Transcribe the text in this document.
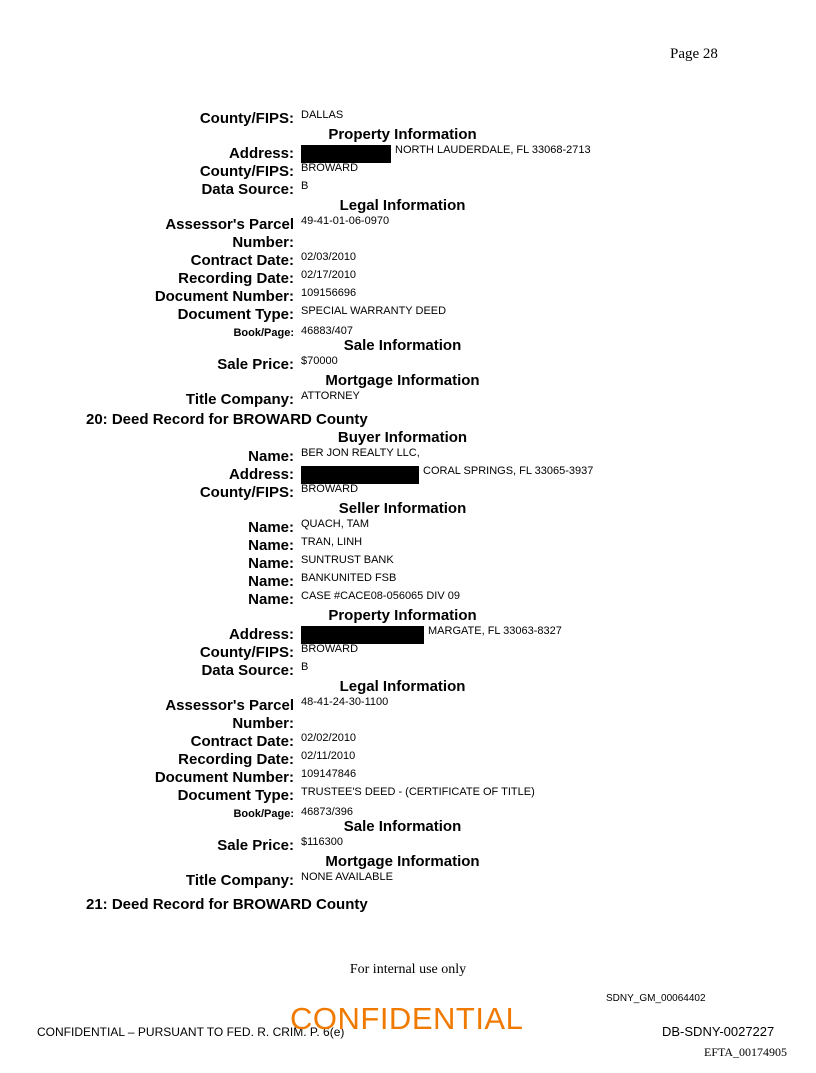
Page 28
County/FIPS: DALLAS
Property Information
Address:	NORTH LAUDERDALE, FL 33068-2713
County/FIPS: BROWARD
Data Source: B
Legal Information
Assessor's Parcel 49-41-01-06-0970
Number:
Contract Date: 02/03/2010
Recording Date: 02/17/2010
Document Number: 109156696
Document Type: SPECIAL WARRANTY DEED
Book/Page: 46883/407
Sale Information
Sale Price: $70000
Mortgage Information
Title Company: ATTORNEY
20: Deed Record for BROWARD County
Buyer Information
Name: BER JON REALTY LLC,
Address:	CORAL SPRINGS, FL 33065-3937
County/FIPS: BROWARD
Seller Information
Name: QUACH, TAM
Name: TRAN, LINH
Name: SUNTRUST BANK
Name: BANKUNITED FSB
Name: CASE #CACE08-056065 DIV 09
Property Information
Address:	MARGATE, FL 33063-8327
County/FIPS: BROWARD
Data Source: B
Legal Information
Assessor's Parcel 48-41-24-30-1100
Number:
Contract Date: 02/02/2010
Recording Date: 02/11/2010
Document Number: 109147846
Document Type: TRUSTEE'S DEED - (CERTIFICATE OF TITLE)
Book/Page: 46873/396
Sale Information
Sale Price: $116300
Mortgage Information
Title Company: NONE AVAILABLE
21: Deed Record for BROWARD County
For internal use only
SDNY_GM_00064402
CONFIDENTIAL – PURSUANT TO FED. R. CRIM. P. 6(e)
CONFIDENTIAL	DB-SDNY-0027227
EFTA_00174905
